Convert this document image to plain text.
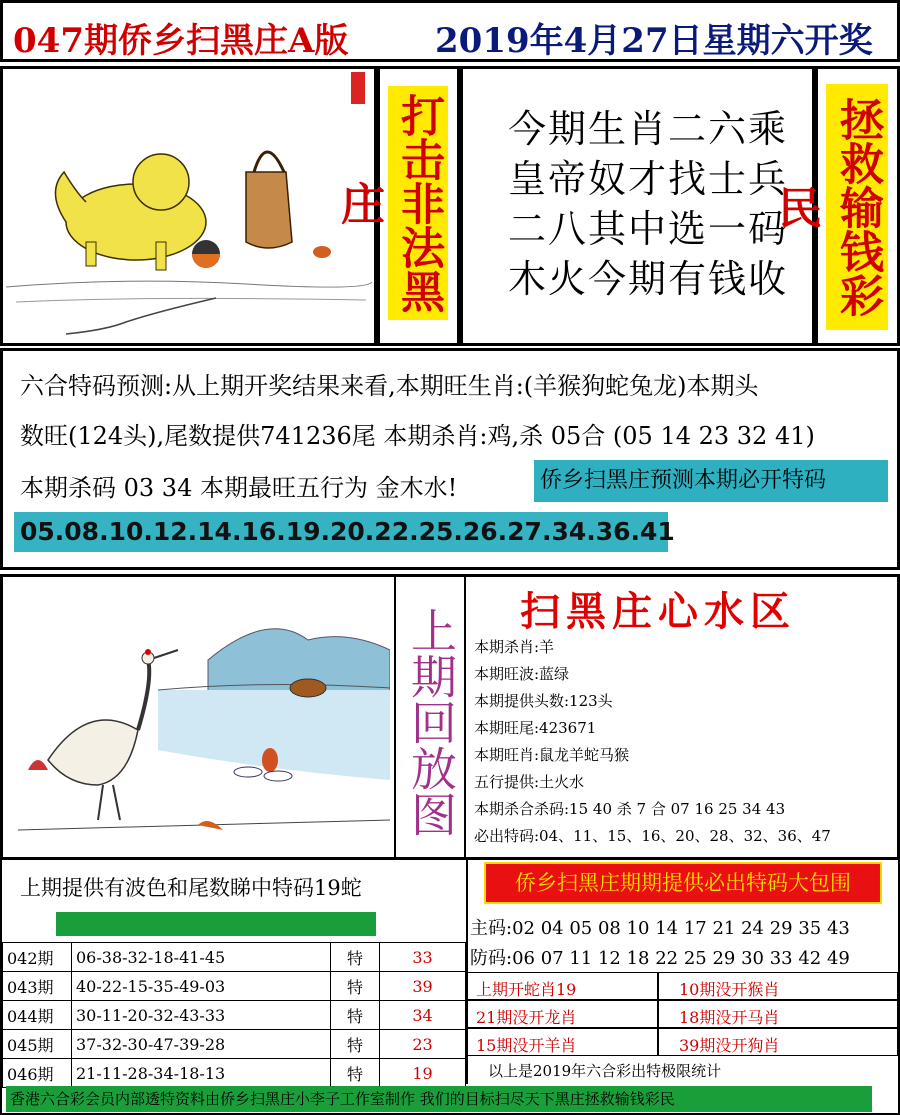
047期侨乡扫黑庄A版	2019年4月27日星期六开奖
打击非法黑庄
今期生肖二六乘
皇帝奴才找士兵
二八其中选一码
木火今期有钱收 拯救输钱彩民

六合特码预测:从上期开奖结果来看,本期旺生肖:(羊猴狗蛇兔龙)本期头

数旺(124头),尾数提供741236尾 本期杀肖:鸡,杀 05合 (05 14 23 32 41)

本期杀码 03 34 本期最旺五行为 金木水!	侨乡扫黑庄预测本期必开特码
05.08.10.12.14.16.19.20.22.25.26.27.34.36.41
上期回放图 扫黑庄心水区
本期杀肖:羊
本期旺波:蓝绿
本期提供头数:123头
本期旺尾:423671
本期旺肖:鼠龙羊蛇马猴
五行提供:土火水
本期杀合杀码:15 40 杀 7 合 07 16 25 34 43
必出特码:04、11、15、16、20、28、32、36、47
上期提供有波色和尾数睇中特码19蛇	侨乡扫黑庄期期提供必出特码大包围
主码:02 04 05 08 10 14 17 21 24 29 35 43
防码:06 07 11 12 18 22 25 29 30 33 42 49
042期	06-38-32-18-41-45	特	33
043期	40-22-15-35-49-03	特	39
044期	30-11-20-32-43-33	特	34
045期	37-32-30-47-39-28	特	23
046期	21-11-28-34-18-13	特	19
上期开蛇肖19	10期没开猴肖
21期没开龙肖	18期没开马肖
15期没开羊肖	39期没开狗肖
以上是2019年六合彩出特极限统计
香港六合彩会员内部透特资料由侨乡扫黑庄小李子工作室制作 我们的目标扫尽天下黑庄拯救输钱彩民
